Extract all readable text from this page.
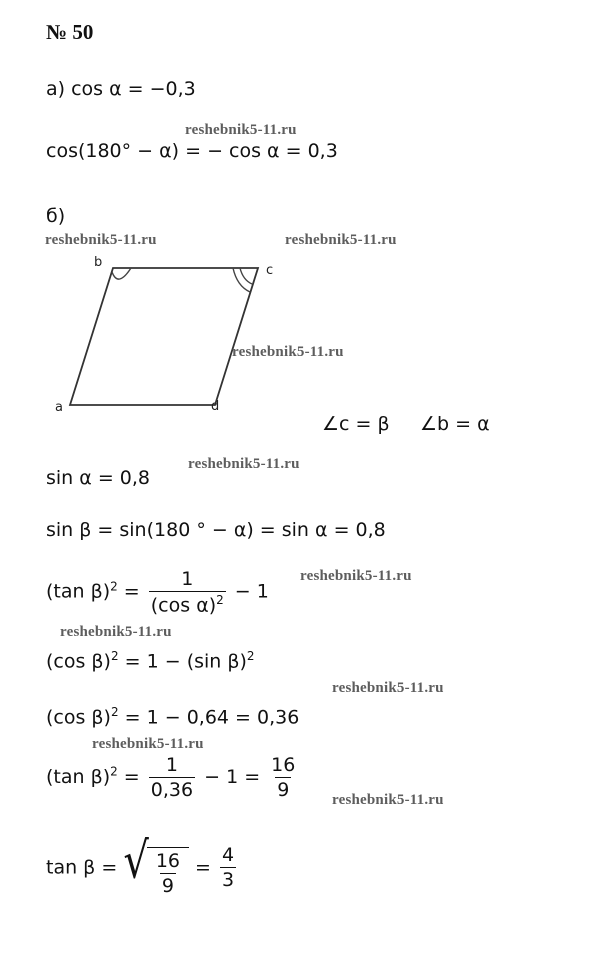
№ 50
а) cos α = −0,3
cos(180° − α) = − cos α = 0,3
б)
b
c
a	d
∠c = β ∠b = α
sin α = 0,8
sin β = sin(180 ° − α) = sin α = 0,8
(tan $\beta)^2 = \frac{1}{(\cos \alpha)^2} - 1$
(cos β)$^2$ = 1 − (sin β)$^2$
(cos β)$^2$ = 1 − 0,64 = 0,36
(tan $\beta)^2 = \frac{1}{0,36} - 1 = \frac{16}{9}$
tan β = √ $\frac{16}{9} = \frac{4}{3}$
reshebnik5-11.ru
reshebnik5-11.ru	reshebnik5-11.ru
reshebnik5-11.ru
reshebnik5-11.ru
reshebnik5-11.ru
reshebnik5-11.ru
reshebnik5-11.ru
reshebnik5-11.ru
reshebnik5-11.ru
